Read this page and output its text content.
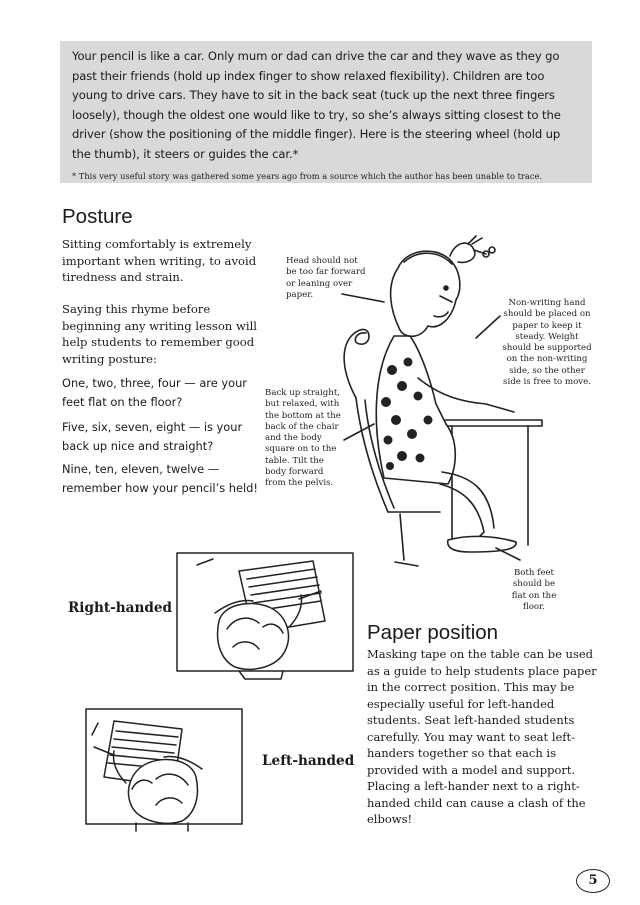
Your pencil is like a car. Only mum or dad can drive the car and they wave as they go past their friends (hold up index finger to show relaxed flexibility). Children are too young to drive cars. They have to sit in the back seat (tuck up the next three fingers loosely), though the oldest one would like to try, so she’s always sitting closest to the driver (show the positioning of the middle finger). Here is the steering wheel (hold up the thumb), it steers or guides the car.*

* This very useful story was gathered some years ago from a source which the author has been unable to trace.

Posture

Sitting comfortably is extremely important when writing, to avoid tiredness and strain.

Saying this rhyme before beginning any writing lesson will help students to remember good writing posture:

One, two, three, four — are your feet flat on the floor?

Five, six, seven, eight — is your back up nice and straight?

Nine, ten, eleven, twelve — remember how your pencil’s held!

Head should not be too far forward or leaning over paper.
Non-writing hand should be placed on paper to keep it steady. Weight should be supported on the non-writing side, so the other side is free to move.
Back up straight, but relaxed, with the bottom at the back of the chair and the body square on to the table. Tilt the body forward from the pelvis.
Both feet should be flat on the floor.
Right-handed
Left-handed
Paper position

Masking tape on the table can be used as a guide to help students place paper in the correct position. This may be especially useful for left-handed students. Seat left-handed students carefully. You may want to seat left-handers together so that each is provided with a model and support. Placing a left-hander next to a right-handed child can cause a clash of the elbows!

5
